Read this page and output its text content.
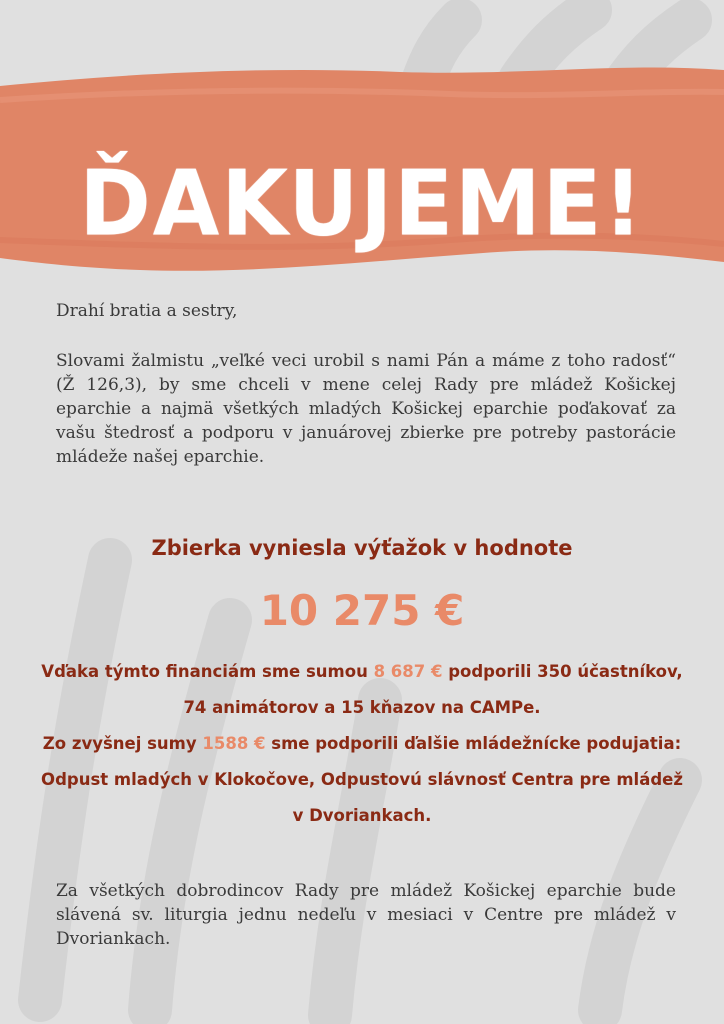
ĎAKUJEME!

Drahí bratia a sestry,

Slovami žalmistu „veľké veci urobil s nami Pán a máme z toho radosť“ (Ž 126,3), by sme chceli v mene celej Rady pre mládež Košickej eparchie a najmä všetkých mladých Košickej eparchie poďakovať za vašu štedrosť a podporu v januárovej zbierke pre potreby pastorácie mládeže našej eparchie.

Zbierka vyniesla výťažok v hodnote
10 275 €

Vďaka týmto financiám sme sumou 8 687 € podporili 350 účastníkov, 74 animátorov a 15 kňazov na CAMPe.
Zo zvyšnej sumy 1588 € sme podporili ďalšie mládežnícke podujatia: Odpust mladých v Klokočove, Odpustovú slávnosť Centra pre mládež v Dvoriankach.

Za všetkých dobrodincov Rady pre mládež Košickej eparchie bude slávená sv. liturgia jednu nedeľu v mesiaci v Centre pre mládež v Dvoriankach.
